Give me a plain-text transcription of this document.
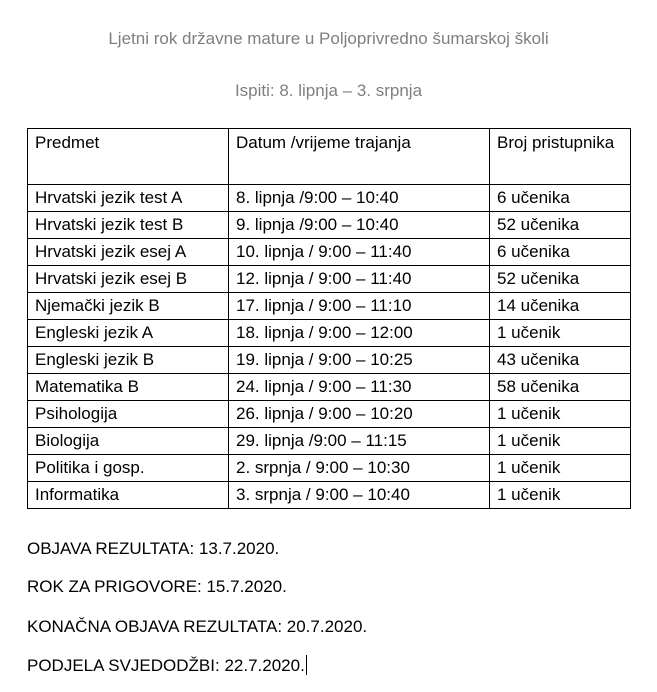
Ljetni rok državne mature u Poljoprivredno šumarskoj školi
Ispiti: 8. lipnja – 3. srpnja
Predmet	Datum /vrijeme trajanja	Broj pristupnika
Hrvatski jezik test A	8. lipnja /9:00 – 10:40	6 učenika
Hrvatski jezik test B	9. lipnja /9:00 – 10:40	52 učenika
Hrvatski jezik esej A	10. lipnja / 9:00 – 11:40	6 učenika
Hrvatski jezik esej B	12. lipnja / 9:00 – 11:40	52 učenika
Njemački jezik B	17. lipnja / 9:00 – 11:10	14 učenika
Engleski jezik A	18. lipnja / 9:00 – 12:00	1 učenik
Engleski jezik B	19. lipnja / 9:00 – 10:25	43 učenika
Matematika B	24. lipnja / 9:00 – 11:30	58 učenika
Psihologija	26. lipnja / 9:00 – 10:20	1 učenik
Biologija	29. lipnja /9:00 – 11:15	1 učenik
Politika i gosp.	2. srpnja / 9:00 – 10:30	1 učenik
Informatika	3. srpnja / 9:00 – 10:40	1 učenik
OBJAVA REZULTATA: 13.7.2020.
ROK ZA PRIGOVORE: 15.7.2020.
KONAČNA OBJAVA REZULTATA: 20.7.2020.
PODJELA SVJEDODŽBI: 22.7.2020.
